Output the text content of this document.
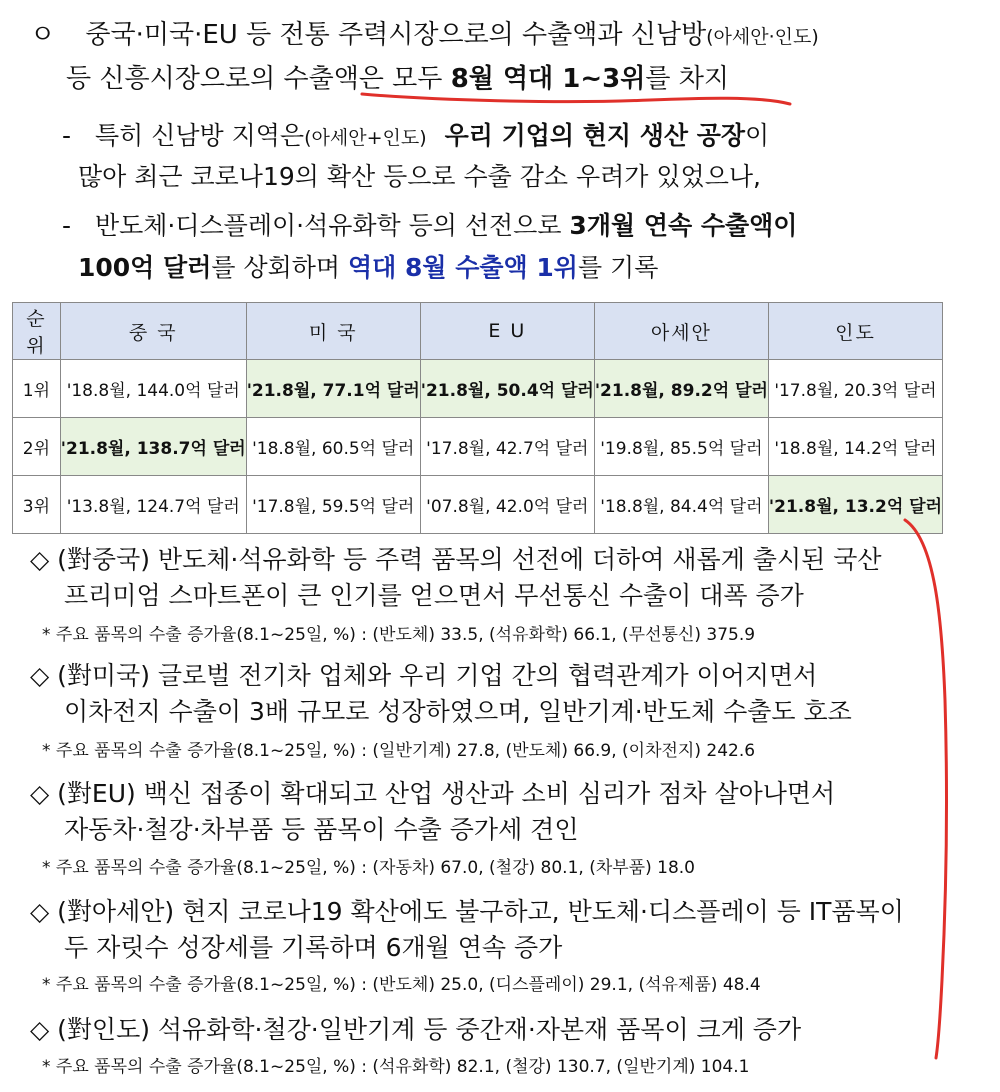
ㅇ 중국·미국·EU 등 전통 주력시장으로의 수출액과 신남방(아세안·인도)
등 신흥시장으로의 수출액은 모두 8월 역대 1~3위를 차지
- 특히 신남방 지역은(아세안+인도) 우리 기업의 현지 생산 공장이
많아 최근 코로나19의 확산 등으로 수출 감소 우려가 있었으나,
- 반도체·디스플레이·석유화학 등의 선전으로 3개월 연속 수출액이
100억 달러를 상회하며 역대 8월 수출액 1위를 기록
순 위	중 국	미 국	E U	아세안	인도
1위	'18.8월, 144.0억 달러	'21.8월, 77.1억 달러	'21.8월, 50.4억 달러	'21.8월, 89.2억 달러	'17.8월, 20.3억 달러
2위	'21.8월, 138.7억 달러	'18.8월, 60.5억 달러	'17.8월, 42.7억 달러	'19.8월, 85.5억 달러	'18.8월, 14.2억 달러
3위	'13.8월, 124.7억 달러	'17.8월, 59.5억 달러	'07.8월, 42.0억 달러	'18.8월, 84.4억 달러	'21.8월, 13.2억 달러
◇ (對중국) 반도체·석유화학 등 주력 품목의 선전에 더하여 새롭게 출시된 국산
프리미엄 스마트폰이 큰 인기를 얻으면서 무선통신 수출이 대폭 증가
* 주요 품목의 수출 증가율(8.1~25일, %) : (반도체) 33.5, (석유화학) 66.1, (무선통신) 375.9
◇ (對미국) 글로벌 전기차 업체와 우리 기업 간의 협력관계가 이어지면서
이차전지 수출이 3배 규모로 성장하였으며, 일반기계·반도체 수출도 호조
* 주요 품목의 수출 증가율(8.1~25일, %) : (일반기계) 27.8, (반도체) 66.9, (이차전지) 242.6
◇ (對EU) 백신 접종이 확대되고 산업 생산과 소비 심리가 점차 살아나면서
자동차·철강·차부품 등 품목이 수출 증가세 견인
* 주요 품목의 수출 증가율(8.1~25일, %) : (자동차) 67.0, (철강) 80.1, (차부품) 18.0
◇ (對아세안) 현지 코로나19 확산에도 불구하고, 반도체·디스플레이 등 IT품목이
두 자릿수 성장세를 기록하며 6개월 연속 증가
* 주요 품목의 수출 증가율(8.1~25일, %) : (반도체) 25.0, (디스플레이) 29.1, (석유제품) 48.4
◇ (對인도) 석유화학·철강·일반기계 등 중간재·자본재 품목이 크게 증가
* 주요 품목의 수출 증가율(8.1~25일, %) : (석유화학) 82.1, (철강) 130.7, (일반기계) 104.1
